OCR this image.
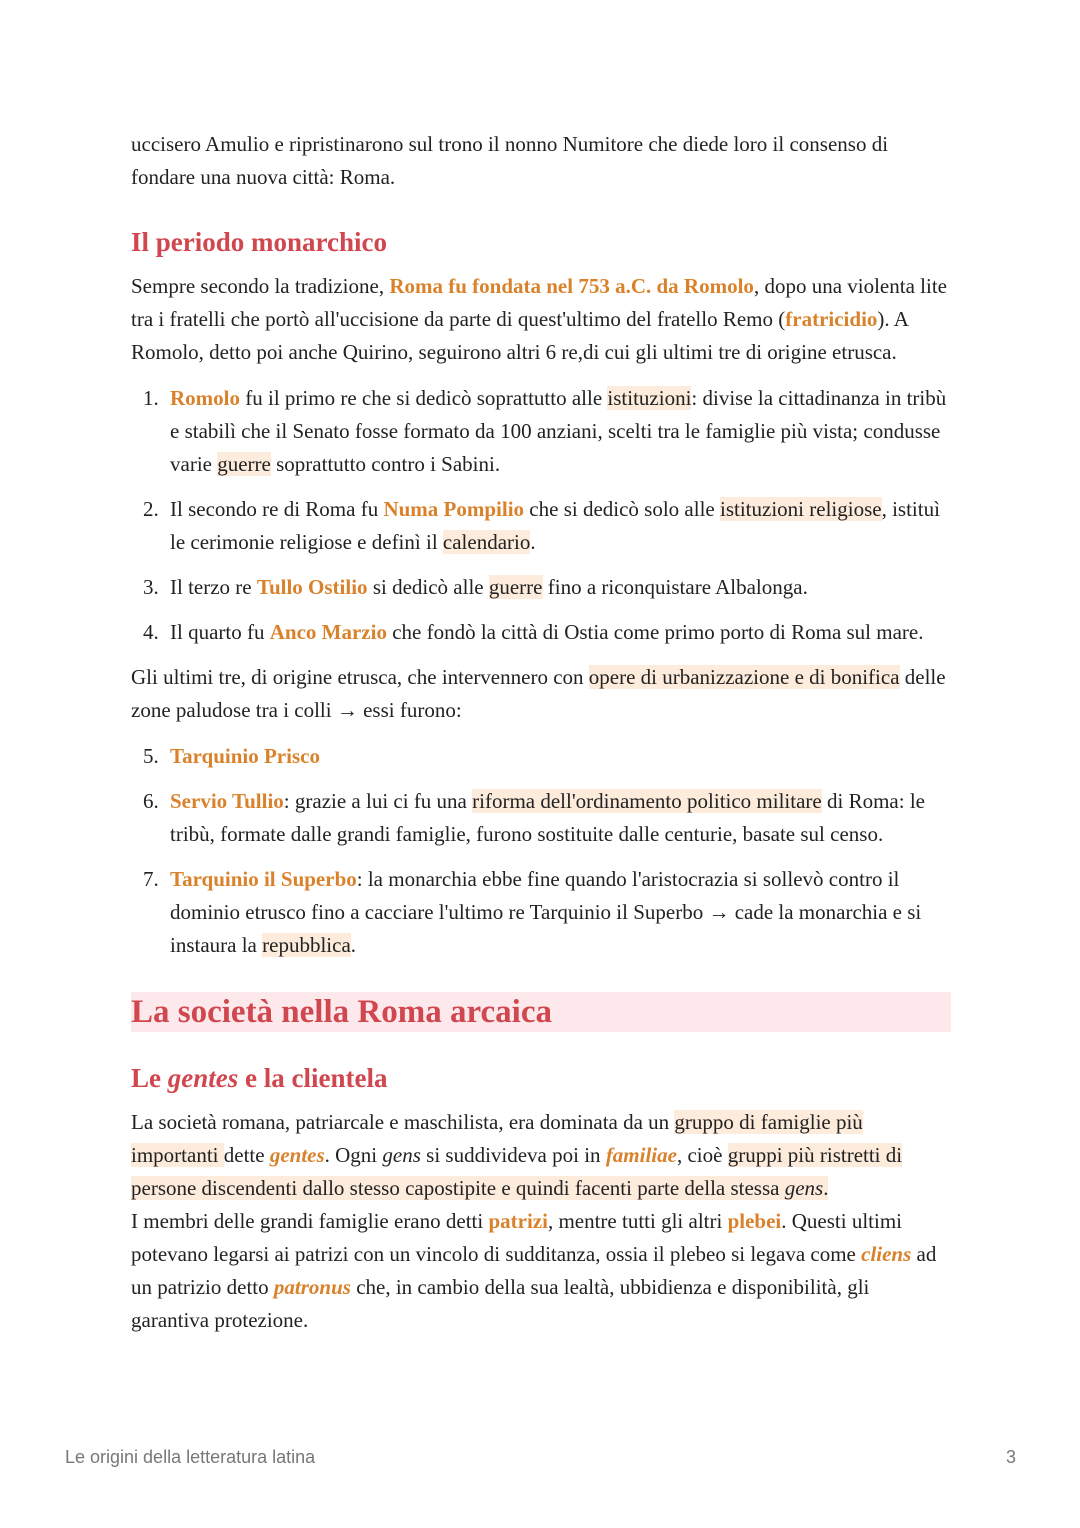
uccisero Amulio e ripristinarono sul trono il nonno Numitore che diede loro il consenso di
fondare una nuova città: Roma.

Il periodo monarchico

Sempre secondo la tradizione, Roma fu fondata nel 753 a.C. da Romolo, dopo una violenta lite tra i fratelli che portò all'uccisione da parte di quest'ultimo del fratello Remo (fratricidio). A Romolo, detto poi anche Quirino, seguirono altri 6 re,di cui gli ultimi tre di origine etrusca.

1. Romolo fu il primo re che si dedicò soprattutto alle istituzioni: divise la cittadinanza in tribù e stabilì che il Senato fosse formato da 100 anziani, scelti tra le famiglie più vista; condusse varie guerre soprattutto contro i Sabini.
2. Il secondo re di Roma fu Numa Pompilio che si dedicò solo alle istituzioni religiose, istituì le cerimonie religiose e definì il calendario.
3. Il terzo re Tullo Ostilio si dedicò alle guerre fino a riconquistare Albalonga.
4. Il quarto fu Anco Marzio che fondò la città di Ostia come primo porto di Roma sul mare.

Gli ultimi tre, di origine etrusca, che intervennero con opere di urbanizzazione e di bonifica delle zone paludose tra i colli → essi furono:

5. Tarquinio Prisco
6. Servio Tullio: grazie a lui ci fu una riforma dell'ordinamento politico militare di Roma: le tribù, formate dalle grandi famiglie, furono sostituite dalle centurie, basate sul censo.
7. Tarquinio il Superbo: la monarchia ebbe fine quando l'aristocrazia si sollevò contro il dominio etrusco fino a cacciare l'ultimo re Tarquinio il Superbo → cade la monarchia e si instaura la repubblica.
La società nella Roma arcaica
Le gentes e la clientela

La società romana, patriarcale e maschilista, era dominata da un gruppo di famiglie più importanti dette gentes. Ogni gens si suddivideva poi in familiae, cioè gruppi più ristretti di persone discendenti dallo stesso capostipite e quindi facenti parte della stessa gens.
I membri delle grandi famiglie erano detti patrizi, mentre tutti gli altri plebei. Questi ultimi potevano legarsi ai patrizi con un vincolo di sudditanza, ossia il plebeo si legava come cliens ad un patrizio detto patronus che, in cambio della sua lealtà, ubbidienza e disponibilità, gli garantiva protezione.

Le origini della letteratura latina	3
